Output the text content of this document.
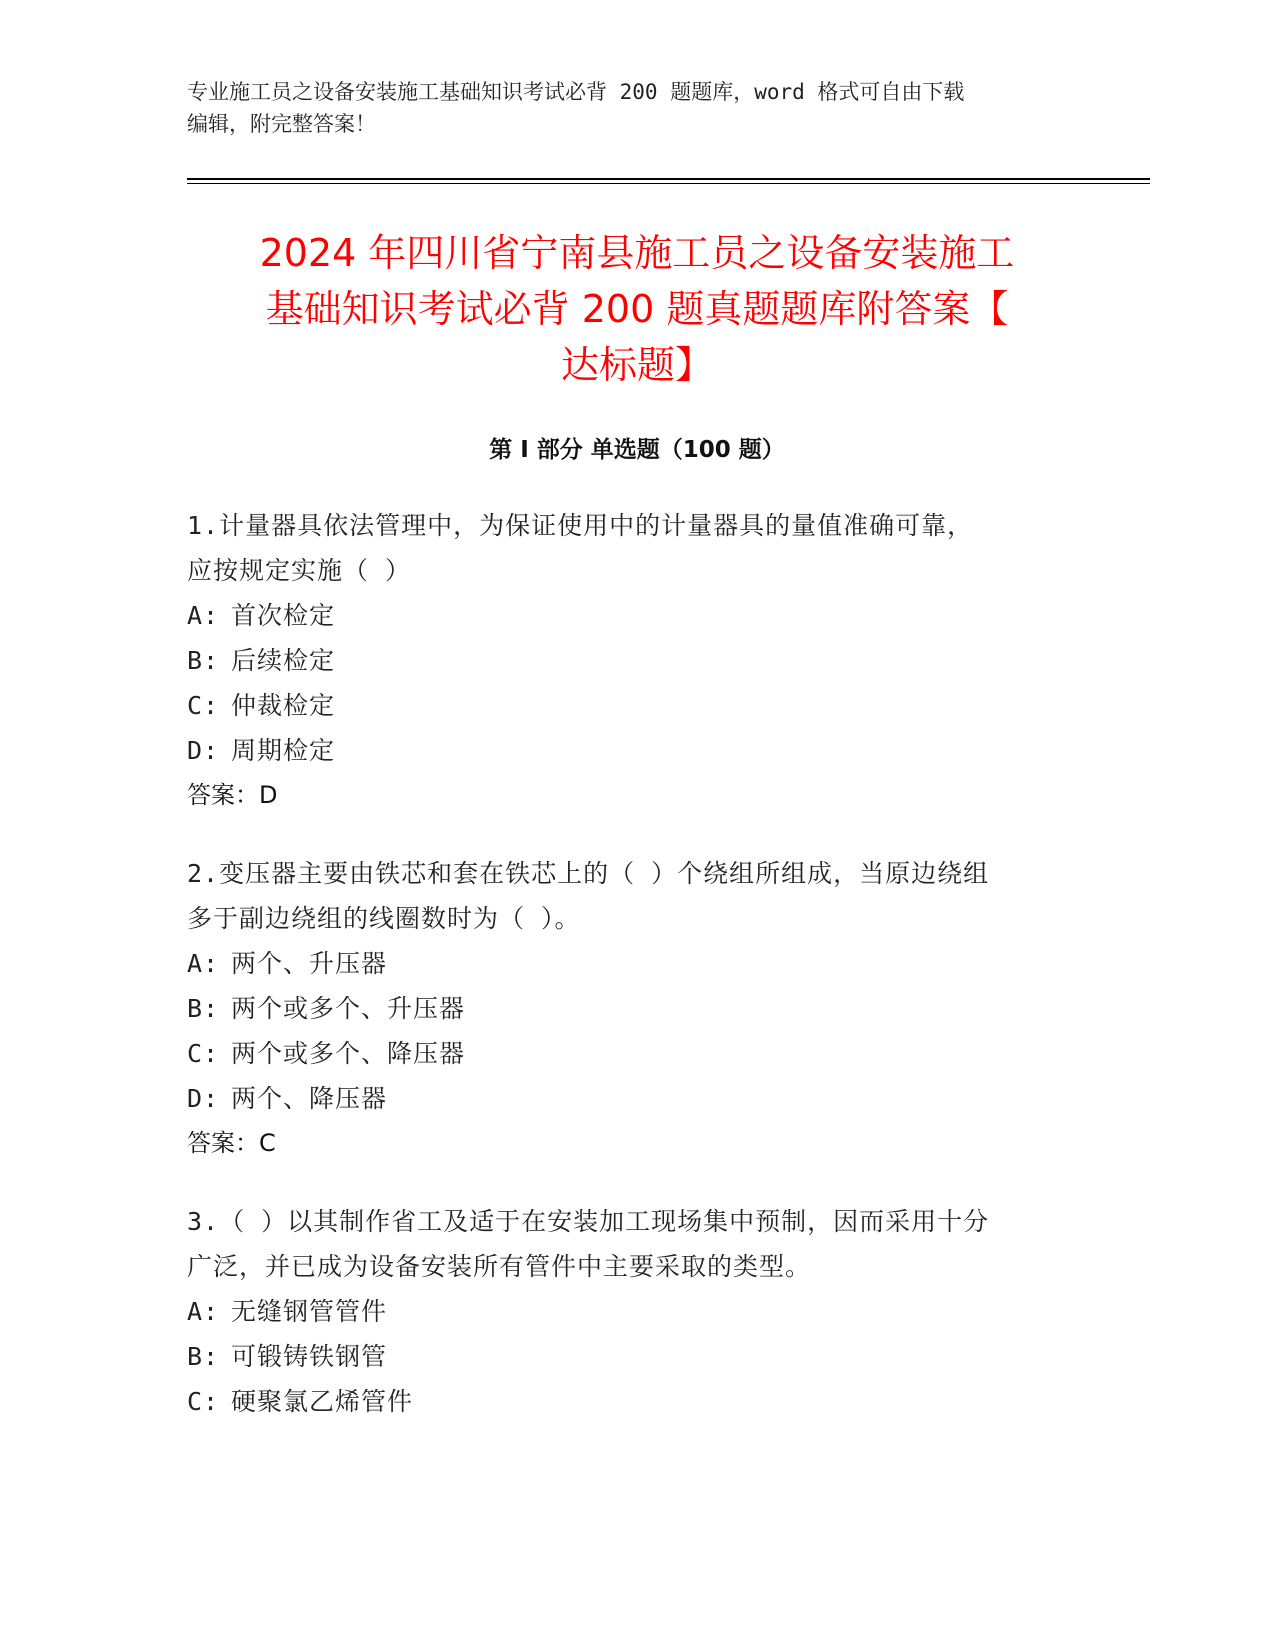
专业施工员之设备安装施工基础知识考试必背 200 题题库，word 格式可自由下载
编辑，附完整答案！
2024 年四川省宁南县施工员之设备安装施工
基础知识考试必背 200 题真题题库附答案【
达标题】
第 I 部分 单选题（100 题）

1.计量器具依法管理中，为保证使用中的计量器具的量值准确可靠，

应按规定实施（ ）

A: 首次检定

B: 后续检定

C: 仲裁检定

D: 周期检定

答案：D

2.变压器主要由铁芯和套在铁芯上的（ ）个绕组所组成，当原边绕组

多于副边绕组的线圈数时为（ ）。

A: 两个、升压器

B: 两个或多个、升压器

C: 两个或多个、降压器

D: 两个、降压器

答案：C

3.（ ）以其制作省工及适于在安装加工现场集中预制，因而采用十分

广泛，并已成为设备安装所有管件中主要采取的类型。

A: 无缝钢管管件

B: 可锻铸铁钢管

C: 硬聚氯乙烯管件
